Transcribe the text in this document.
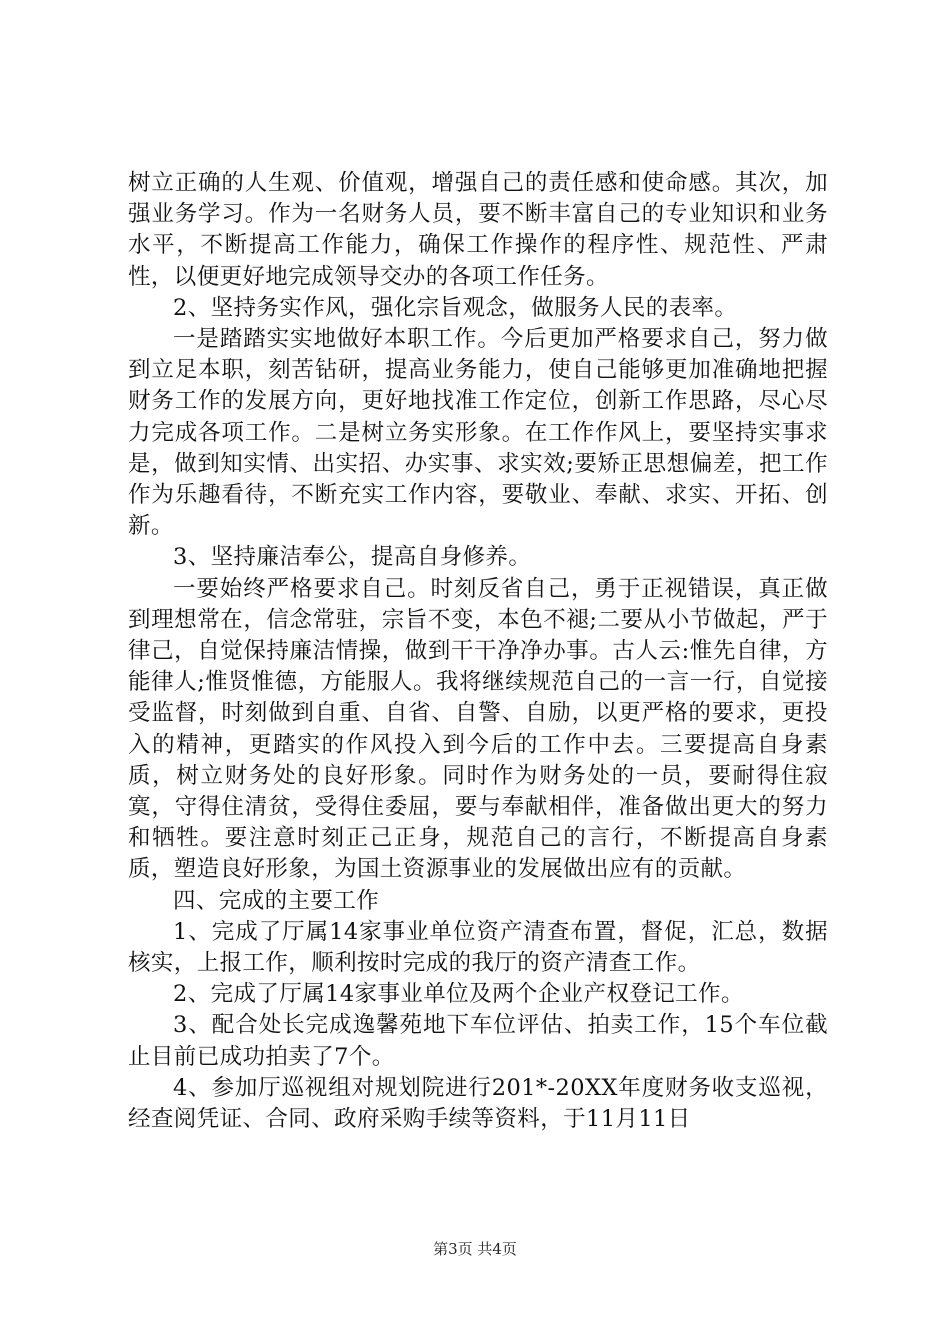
树立正确的人生观、价值观，增强自己的责任感和使命感。其次，加强业务学习。作为一名财务人员，要不断丰富自己的专业知识和业务水平，不断提高工作能力，确保工作操作的程序性、规范性、严肃性，以便更好地完成领导交办的各项工作任务。

2、坚持务实作风，强化宗旨观念，做服务人民的表率。

一是踏踏实实地做好本职工作。今后更加严格要求自己，努力做到立足本职，刻苦钻研，提高业务能力，使自己能够更加准确地把握财务工作的发展方向，更好地找准工作定位，创新工作思路，尽心尽力完成各项工作。二是树立务实形象。在工作作风上，要坚持实事求是，做到知实情、出实招、办实事、求实效;要矫正思想偏差，把工作作为乐趣看待，不断充实工作内容，要敬业、奉献、求实、开拓、创新。

3、坚持廉洁奉公，提高自身修养。

一要始终严格要求自己。时刻反省自己，勇于正视错误，真正做到理想常在，信念常驻，宗旨不变，本色不褪;二要从小节做起，严于律己，自觉保持廉洁情操，做到干干净净办事。古人云:惟先自律，方能律人;惟贤惟德，方能服人。我将继续规范自己的一言一行，自觉接受监督，时刻做到自重、自省、自警、自励，以更严格的要求，更投入的精神，更踏实的作风投入到今后的工作中去。三要提高自身素质，树立财务处的良好形象。同时作为财务处的一员，要耐得住寂寞，守得住清贫，受得住委屈，要与奉献相伴，准备做出更大的努力和牺牲。要注意时刻正己正身，规范自己的言行，不断提高自身素质，塑造良好形象，为国土资源事业的发展做出应有的贡献。

四、完成的主要工作

1、完成了厅属14家事业单位资产清查布置，督促，汇总，数据核实，上报工作，顺利按时完成的我厅的资产清查工作。

2、完成了厅属14家事业单位及两个企业产权登记工作。

3、配合处长完成逸馨苑地下车位评估、拍卖工作，15个车位截止目前已成功拍卖了7个。

4、参加厅巡视组对规划院进行201*-20XX年度财务收支巡视，经查阅凭证、合同、政府采购手续等资料，于11月11日

第3页 共4页
